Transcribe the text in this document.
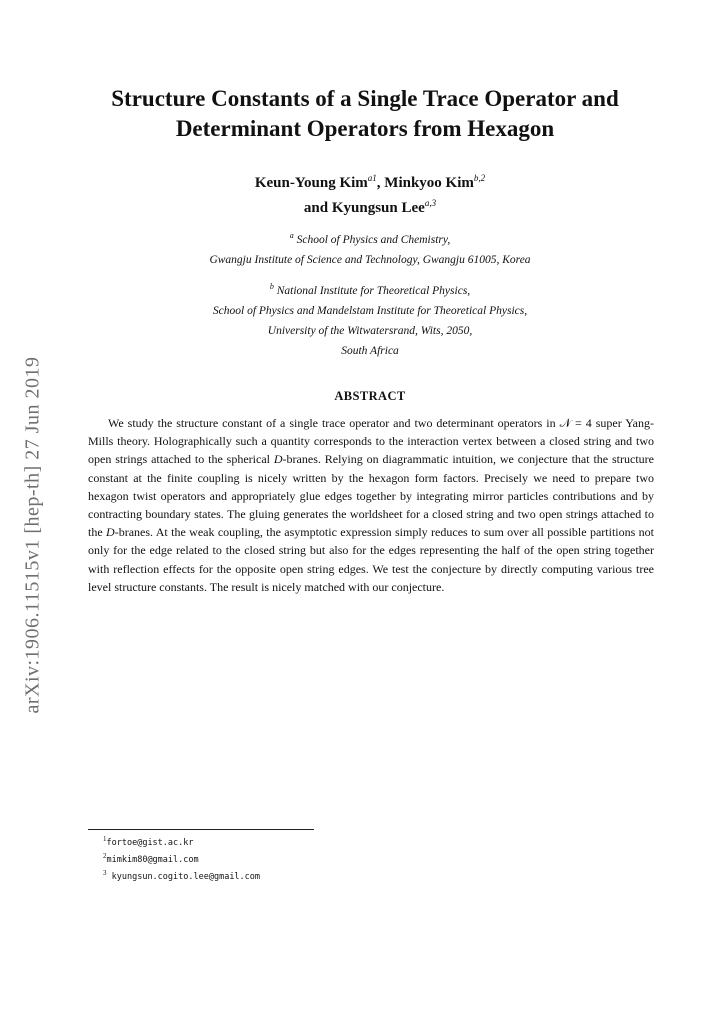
arXiv:1906.11515v1 [hep-th] 27 Jun 2019
Structure Constants of a Single Trace Operator and
Determinant Operators from Hexagon
Keun-Young Kim$^{a1}$, Minkyoo Kim$^{b,2}$
and Kyungsun Lee$^{a,3}$
$^a$ School of Physics and Chemistry,
Gwangju Institute of Science and Technology, Gwangju 61005, Korea
$^b$ National Institute for Theoretical Physics,
School of Physics and Mandelstam Institute for Theoretical Physics,
University of the Witwatersrand, Wits, 2050,
South Africa
ABSTRACT

We study the structure constant of a single trace operator and two determinant operators in 𝒩 = 4 super Yang-Mills theory. Holographically such a quantity corresponds to the interaction vertex between a closed string and two open strings attached to the spherical D-branes. Relying on diagrammatic intuition, we conjecture that the structure constant at the finite coupling is nicely written by the hexagon form factors. Precisely we need to prepare two hexagon twist operators and appropriately glue edges together by integrating mirror particles contributions and by contracting boundary states. The gluing generates the worldsheet for a closed string and two open strings attached to the D-branes. At the weak coupling, the asymptotic expression simply reduces to sum over all possible partitions not only for the edge related to the closed string but also for the edges representing the half of the open string together with reflection effects for the opposite open string edges. We test the conjecture by directly computing various tree level structure constants. The result is nicely matched with our conjecture.

$^1$fortoe@gist.ac.kr
$^2$mimkim80@gmail.com
$^3$ kyungsun.cogito.lee@gmail.com
